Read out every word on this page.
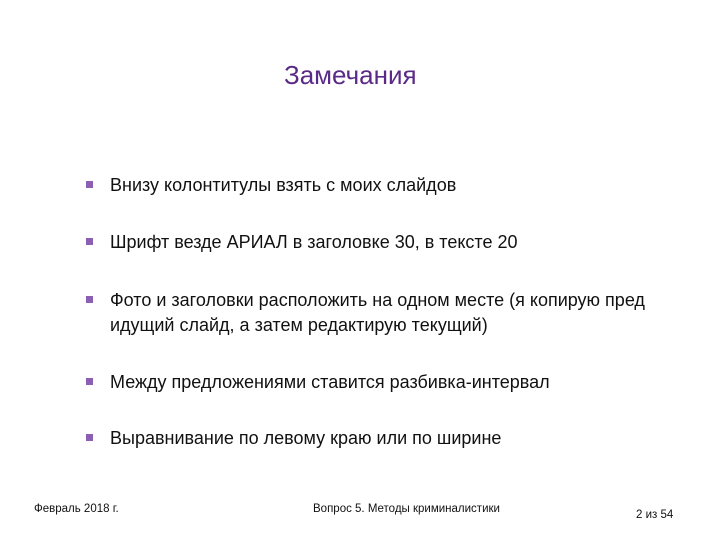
Замечания
Внизу колонтитулы взять с моих слайдов
Шрифт везде АРИАЛ в заголовке 30, в тексте 20
Фото и заголовки расположить на одном месте (я копирую пред идущий слайд, а затем редактирую текущий)
Между предложениями ставится разбивка-интервал
Выравнивание по левому краю или по ширине
Февраль 2018 г.	Вопрос 5. Методы криминалистики	2 из 54
